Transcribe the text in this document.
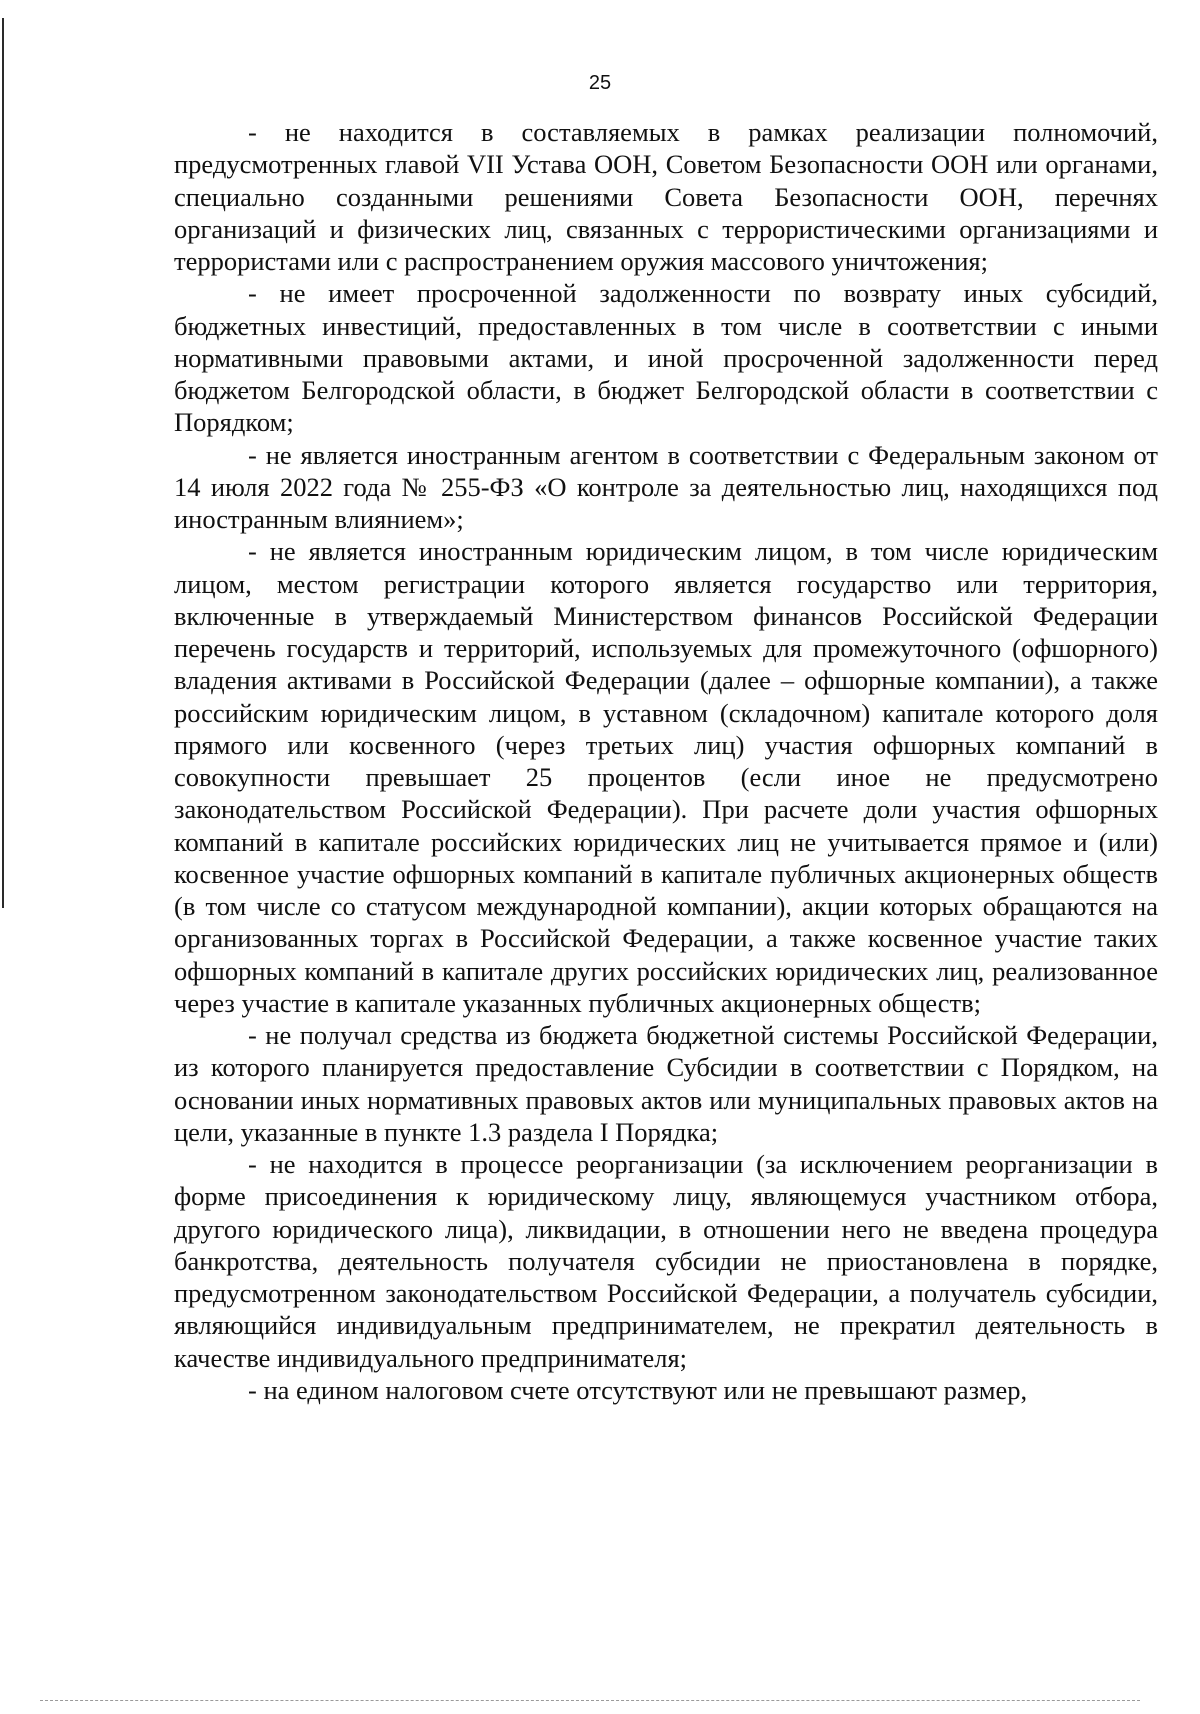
25

- не находится в составляемых в рамках реализации полномочий, предусмотренных главой VII Устава ООН, Советом Безопасности ООН или органами, специально созданными решениями Совета Безопасности ООН, перечнях организаций и физических лиц, связанных с террористическими организациями и террористами или с распространением оружия массового уничтожения;

- не имеет просроченной задолженности по возврату иных субсидий, бюджетных инвестиций, предоставленных в том числе в соответствии с иными нормативными правовыми актами, и иной просроченной задолженности перед бюджетом Белгородской области, в бюджет Белгородской области в соответствии с Порядком;

- не является иностранным агентом в соответствии с Федеральным законом от 14 июля 2022 года № 255-ФЗ «О контроле за деятельностью лиц, находящихся под иностранным влиянием»;

- не является иностранным юридическим лицом, в том числе юридическим лицом, местом регистрации которого является государство или территория, включенные в утверждаемый Министерством финансов Российской Федерации перечень государств и территорий, используемых для промежуточного (офшорного) владения активами в Российской Федерации (далее – офшорные компании), а также российским юридическим лицом, в уставном (складочном) капитале которого доля прямого или косвенного (через третьих лиц) участия офшорных компаний в совокупности превышает 25 процентов (если иное не предусмотрено законодательством Российской Федерации). При расчете доли участия офшорных компаний в капитале российских юридических лиц не учитывается прямое и (или) косвенное участие офшорных компаний в капитале публичных акционерных обществ (в том числе со статусом международной компании), акции которых обращаются на организованных торгах в Российской Федерации, а также косвенное участие таких офшорных компаний в капитале других российских юридических лиц, реализованное через участие в капитале указанных публичных акционерных обществ;

- не получал средства из бюджета бюджетной системы Российской Федерации, из которого планируется предоставление Субсидии в соответствии с Порядком, на основании иных нормативных правовых актов или муниципальных правовых актов на цели, указанные в пункте 1.3 раздела I Порядка;

- не находится в процессе реорганизации (за исключением реорганизации в форме присоединения к юридическому лицу, являющемуся участником отбора, другого юридического лица), ликвидации, в отношении него не введена процедура банкротства, деятельность получателя субсидии не приостановлена в порядке, предусмотренном законодательством Российской Федерации, а получатель субсидии, являющийся индивидуальным предпринимателем, не прекратил деятельность в качестве индивидуального предпринимателя;

- на едином налоговом счете отсутствуют или не превышают размер,
